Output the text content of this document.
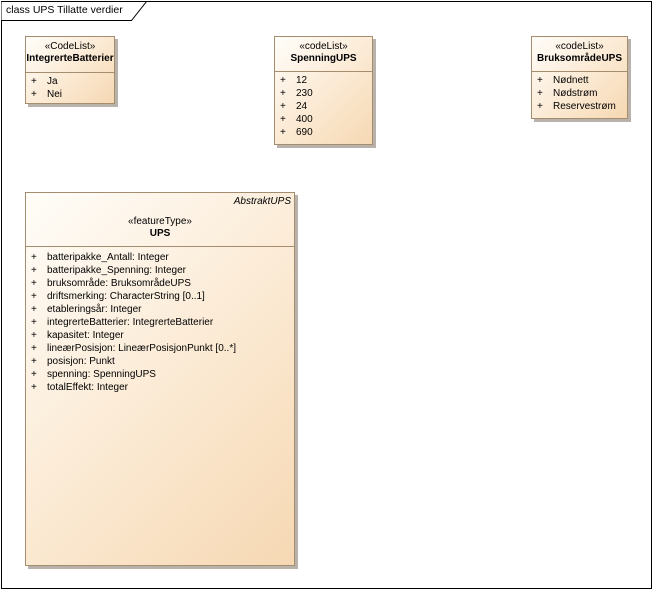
class UPS Tillatte verdier
«CodeList»
IntegrerteBatterier
+ Ja
+ Nei
«codeList»
SpenningUPS
+ 12
+ 230
+ 24
+ 400
+ 690
«codeList»
BruksområdeUPS
+ Nødnett
+ Nødstrøm
+ Reservestrøm
AbstraktUPS
«featureType»
UPS
+ batteripakke_Antall: Integer
+ batteripakke_Spenning: Integer
+ bruksområde: BruksområdeUPS
+ driftsmerking: CharacterString [0..1]
+ etableringsår: Integer
+ integrerteBatterier: IntegrerteBatterier
+ kapasitet: Integer
+ lineærPosisjon: LineærPosisjonPunkt [0..*]
+ posisjon: Punkt
+ spenning: SpenningUPS
+ totalEffekt: Integer
